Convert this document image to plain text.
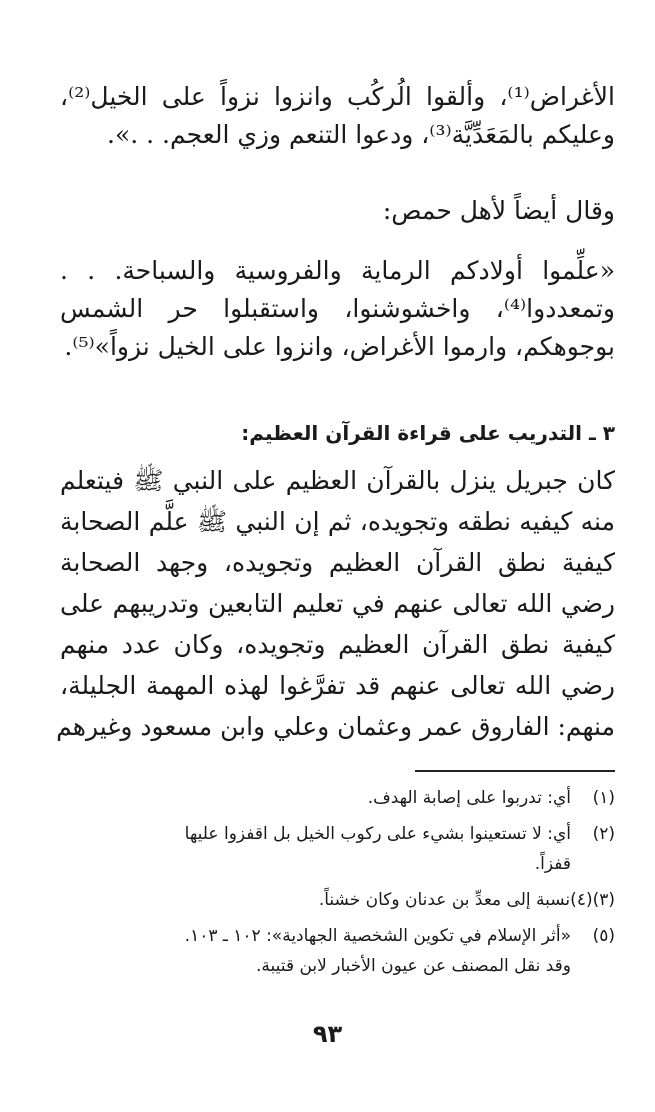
الأغراض⁽¹⁾، وألقوا الُركُب وانزوا نزواً على الخيل⁽²⁾،
وعليكم بالمَعَدِّيَّة⁽³⁾، ودعوا التنعم وزي العجم. . .».
وقال أيضاً لأهل حمص:
«علِّموا أولادكم الرماية والفروسية والسباحة. . .
وتمعددوا⁽⁴⁾، واخشوشنوا، واستقبلوا حر الشمس
بوجوهكم، وارموا الأغراض، وانزوا على الخيل نزواً»⁽⁵⁾.
٣ ـ التدريب على قراءة القرآن العظيم:
كان جبريل ينزل بالقرآن العظيم على النبي ﷺ فيتعلم
منه كيفيه نطقه وتجويده، ثم إن النبي ﷺ علَّم الصحابة
كيفية نطق القرآن العظيم وتجويده، وجهد الصحابة
رضي الله تعالى عنهم في تعليم التابعين وتدريبهم على
كيفية نطق القرآن العظيم وتجويده، وكان عدد منهم
رضي الله تعالى عنهم قد تفرَّغوا لهذه المهمة الجليلة،
منهم: الفاروق عمر وعثمان وعلي وابن مسعود وغيرهم
(١)
أي: تدربوا على إصابة الهدف.
(٢)
أي: لا تستعينوا بشيء على ركوب الخيل بل اقفزوا عليها
قفزاً.
(٣)(٤)
نسبة إلى معدِّ بن عدنان وكان خشناً.
(٥)
«أثر الإسلام في تكوين الشخصية الجهادية»: ١٠٢ ـ ١٠٣.
وقد نقل المصنف عن عيون الأخبار لابن قتيبة.
٩٣
